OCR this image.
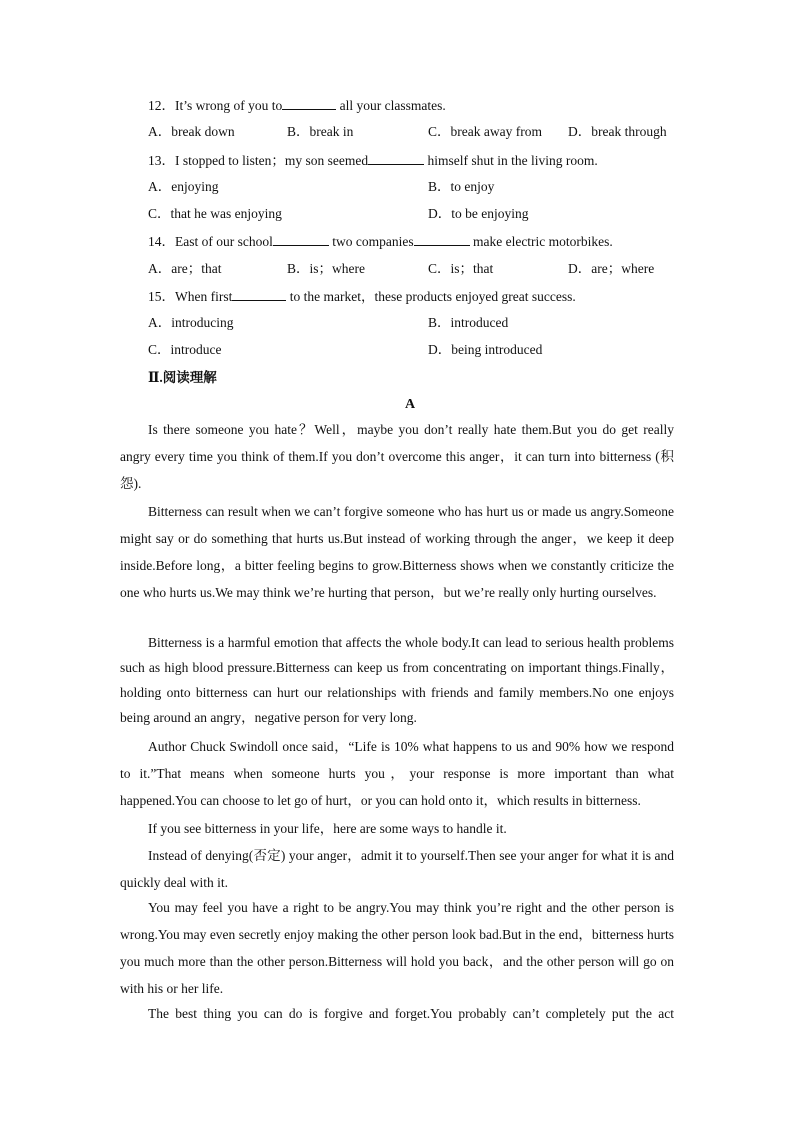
12．It’s wrong of you to	all your classmates.
A．break down	B．break in	C．break away from D．break through
13．I stopped to listen；my son seemed	himself shut in the living room.
A．enjoying	B．to enjoy
C．that he was enjoying	D．to be enjoying
14．East of our school	two companies	make electric motorbikes.
A．are；that	B．is；where	C．is；that	D．are；where
15．When first	to the market，these products enjoyed great success.
A．introducing	B．introduced
C．introduce	D．being introduced
Ⅱ.阅读理解
A

Is there someone you hate？Well，maybe you don’t really hate them.But you do get really angry every time you think of them.If you don’t overcome this anger，it can turn into bitterness (积怨).

Bitterness can result when we can’t forgive someone who has hurt us or made us angry.Someone might say or do something that hurts us.But instead of working through the anger，we keep it deep inside.Before long，a bitter feeling begins to grow.Bitterness shows when we constantly criticize the one who hurts us.We may think we’re hurting that person，but we’re really only hurting ourselves.

Bitterness is a harmful emotion that affects the whole body.It can lead to serious health problems such as high blood pressure.Bitterness can keep us from concentrating on important things.Finally，holding onto bitterness can hurt our relationships with friends and family members.No one enjoys being around an angry，negative person for very long.

Author Chuck Swindoll once said，“Life is 10% what happens to us and 90% how we respond to it.”That means when someone hurts you，your response is more important than what happened.You can choose to let go of hurt，or you can hold onto it，which results in bitterness.

If you see bitterness in your life，here are some ways to handle it.

Instead of denying(否定) your anger，admit it to yourself.Then see your anger for what it is and quickly deal with it.

You may feel you have a right to be angry.You may think you’re right and the other person is wrong.You may even secretly enjoy making the other person look bad.But in the end，bitterness hurts you much more than the other person.Bitterness will hold you back，and the other person will go on with his or her life.

The best thing you can do is forgive and forget.You probably can’t completely put the act
